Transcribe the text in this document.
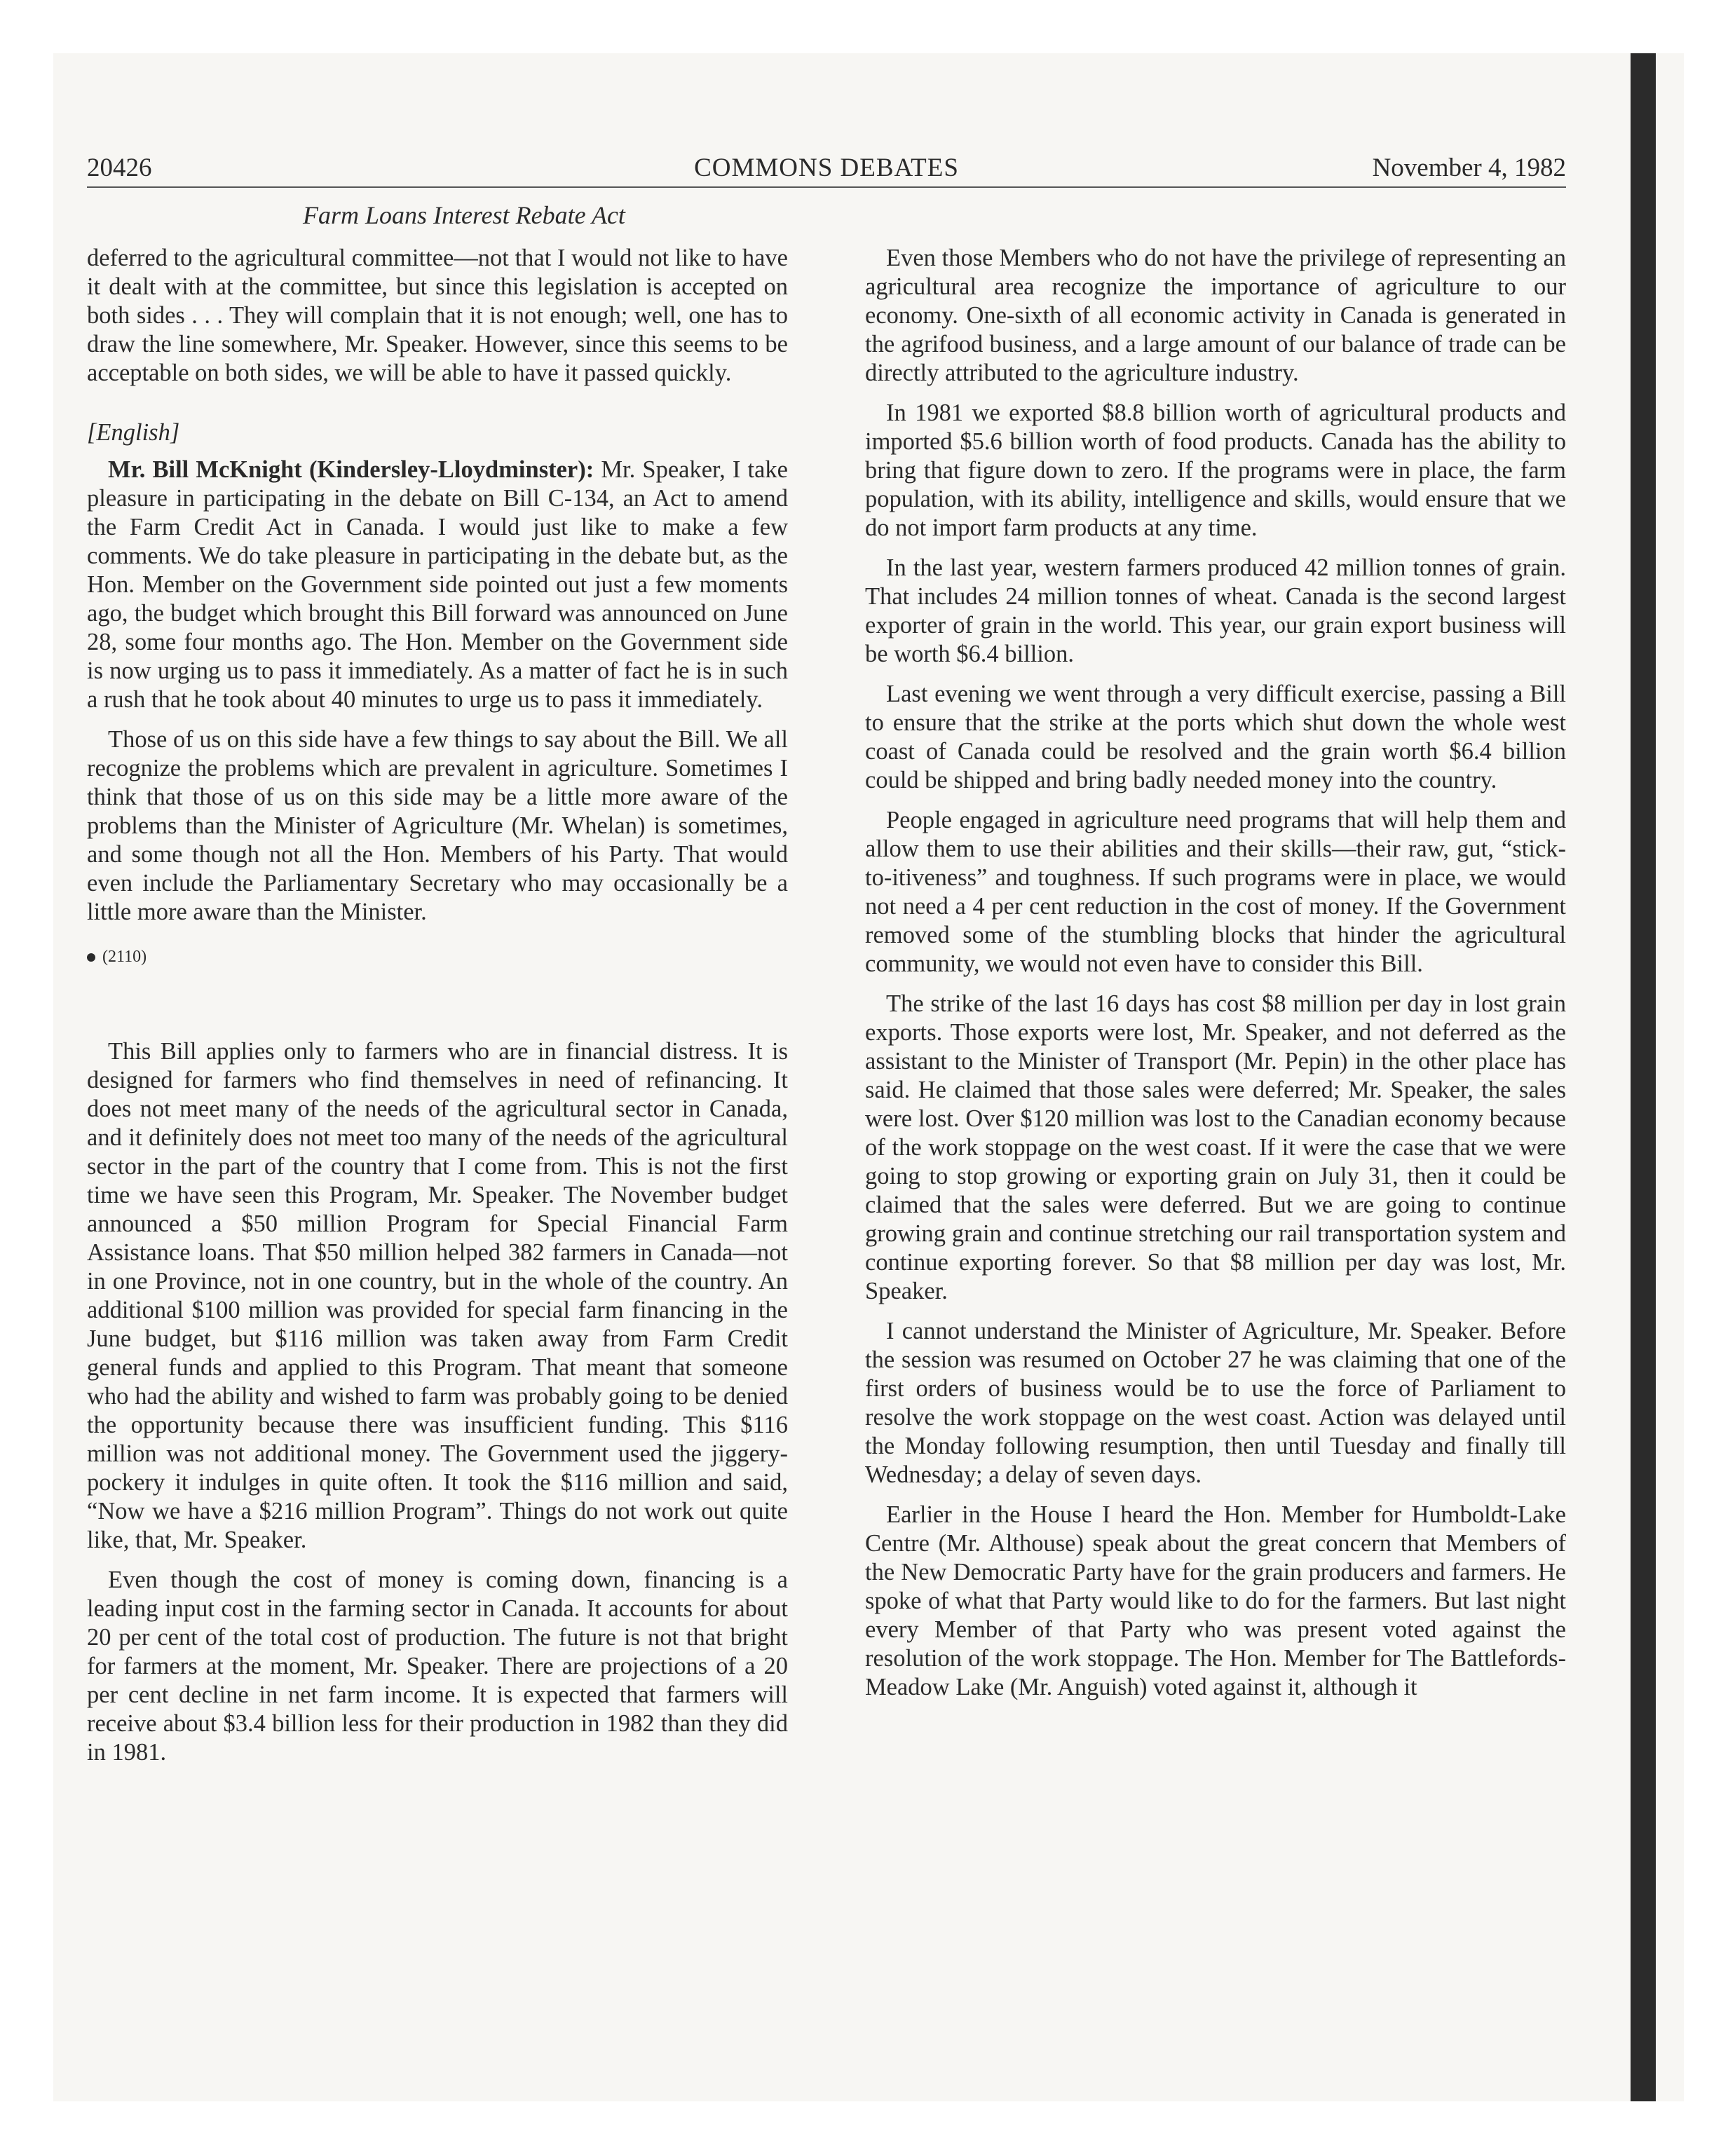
20426	COMMONS DEBATES	November 4, 1982
Farm Loans Interest Rebate Act

deferred to the agricultural committee—not that I would not like to have it dealt with at the committee, but since this legislation is accepted on both sides . . . They will complain that it is not enough; well, one has to draw the line somewhere, Mr. Speaker. However, since this seems to be acceptable on both sides, we will be able to have it passed quickly.

[English]

Mr. Bill McKnight (Kindersley-Lloydminster): Mr. Speaker, I take pleasure in participating in the debate on Bill C-134, an Act to amend the Farm Credit Act in Canada. I would just like to make a few comments. We do take pleasure in participating in the debate but, as the Hon. Member on the Government side pointed out just a few moments ago, the budget which brought this Bill forward was announced on June 28, some four months ago. The Hon. Member on the Government side is now urging us to pass it immediately. As a matter of fact he is in such a rush that he took about 40 minutes to urge us to pass it immediately.

Those of us on this side have a few things to say about the Bill. We all recognize the problems which are prevalent in agriculture. Sometimes I think that those of us on this side may be a little more aware of the problems than the Minister of Agriculture (Mr. Whelan) is sometimes, and some though not all the Hon. Members of his Party. That would even include the Parliamentary Secretary who may occasionally be a little more aware than the Minister.

(2110)

This Bill applies only to farmers who are in financial distress. It is designed for farmers who find themselves in need of refinancing. It does not meet many of the needs of the agricultural sector in Canada, and it definitely does not meet too many of the needs of the agricultural sector in the part of the country that I come from. This is not the first time we have seen this Program, Mr. Speaker. The November budget announced a $50 million Program for Special Financial Farm Assistance loans. That $50 million helped 382 farmers in Canada—not in one Province, not in one country, but in the whole of the country. An additional $100 million was provided for special farm financing in the June budget, but $116 million was taken away from Farm Credit general funds and applied to this Program. That meant that someone who had the ability and wished to farm was probably going to be denied the opportunity because there was insufficient funding. This $116 million was not additional money. The Government used the jiggery-pockery it indulges in quite often. It took the $116 million and said, “Now we have a $216 million Program”. Things do not work out quite like, that, Mr. Speaker.

Even though the cost of money is coming down, financing is a leading input cost in the farming sector in Canada. It accounts for about 20 per cent of the total cost of production. The future is not that bright for farmers at the moment, Mr. Speaker. There are projections of a 20 per cent decline in net farm income. It is expected that farmers will receive about $3.4 billion less for their production in 1982 than they did in 1981.

Even those Members who do not have the privilege of representing an agricultural area recognize the importance of agriculture to our economy. One-sixth of all economic activity in Canada is generated in the agrifood business, and a large amount of our balance of trade can be directly attributed to the agriculture industry.

In 1981 we exported $8.8 billion worth of agricultural products and imported $5.6 billion worth of food products. Canada has the ability to bring that figure down to zero. If the programs were in place, the farm population, with its ability, intelligence and skills, would ensure that we do not import farm products at any time.

In the last year, western farmers produced 42 million tonnes of grain. That includes 24 million tonnes of wheat. Canada is the second largest exporter of grain in the world. This year, our grain export business will be worth $6.4 billion.

Last evening we went through a very difficult exercise, passing a Bill to ensure that the strike at the ports which shut down the whole west coast of Canada could be resolved and the grain worth $6.4 billion could be shipped and bring badly needed money into the country.

People engaged in agriculture need programs that will help them and allow them to use their abilities and their skills—their raw, gut, “stick-to-itiveness” and toughness. If such programs were in place, we would not need a 4 per cent reduction in the cost of money. If the Government removed some of the stumbling blocks that hinder the agricultural community, we would not even have to consider this Bill.

The strike of the last 16 days has cost $8 million per day in lost grain exports. Those exports were lost, Mr. Speaker, and not deferred as the assistant to the Minister of Transport (Mr. Pepin) in the other place has said. He claimed that those sales were deferred; Mr. Speaker, the sales were lost. Over $120 million was lost to the Canadian economy because of the work stoppage on the west coast. If it were the case that we were going to stop growing or exporting grain on July 31, then it could be claimed that the sales were deferred. But we are going to continue growing grain and continue stretching our rail transportation system and continue exporting forever. So that $8 million per day was lost, Mr. Speaker.

I cannot understand the Minister of Agriculture, Mr. Speaker. Before the session was resumed on October 27 he was claiming that one of the first orders of business would be to use the force of Parliament to resolve the work stoppage on the west coast. Action was delayed until the Monday following resumption, then until Tuesday and finally till Wednesday; a delay of seven days.

Earlier in the House I heard the Hon. Member for Humboldt-Lake Centre (Mr. Althouse) speak about the great concern that Members of the New Democratic Party have for the grain producers and farmers. He spoke of what that Party would like to do for the farmers. But last night every Member of that Party who was present voted against the resolution of the work stoppage. The Hon. Member for The Battlefords-Meadow Lake (Mr. Anguish) voted against it, although it
